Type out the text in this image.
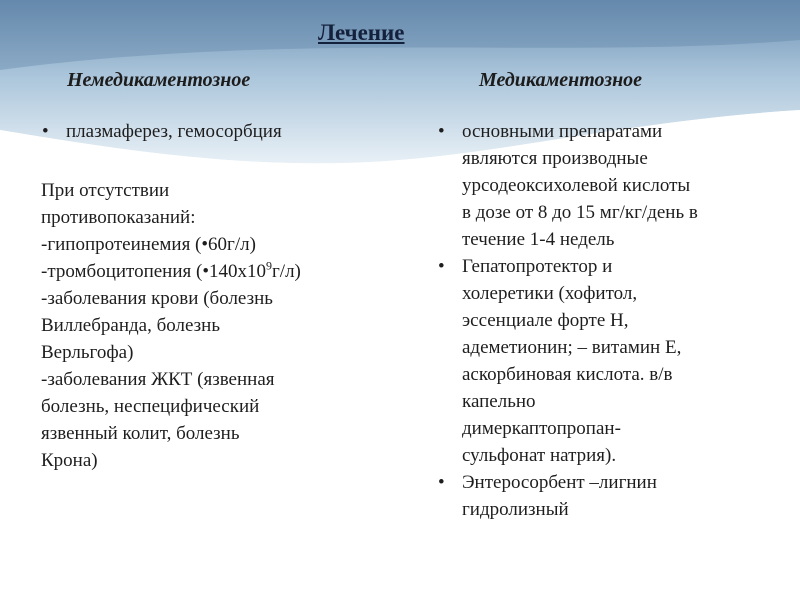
Лечение
Немедикаментозное	Медикаментозное
• плазмаферез, гемосорбция
При отсутствии
противопоказаний:
-гипопротеинемия (•60г/л)
-тромбоцитопения $(•140х10^9г/л)$
-заболевания крови (болезнь
Виллебранда, болезнь
Верльгофа)
-заболевания ЖКТ (язвенная
болезнь, неспецифический
язвенный колит, болезнь
Крона)
• основными препаратами
являются производные
урсодеоксихолевой кислоты
в дозе от 8 до 15 мг/кг/день в
течение 1-4 недель
• Гепатопротектор и
холеретики (хофитол,
эссенциале форте Н,
адеметионин; – витамин Е,
аскорбиновая кислота. в/в
капельно
димеркаптопропан-
сульфонат натрия).
• Энтеросорбент –лигнин
гидролизный
